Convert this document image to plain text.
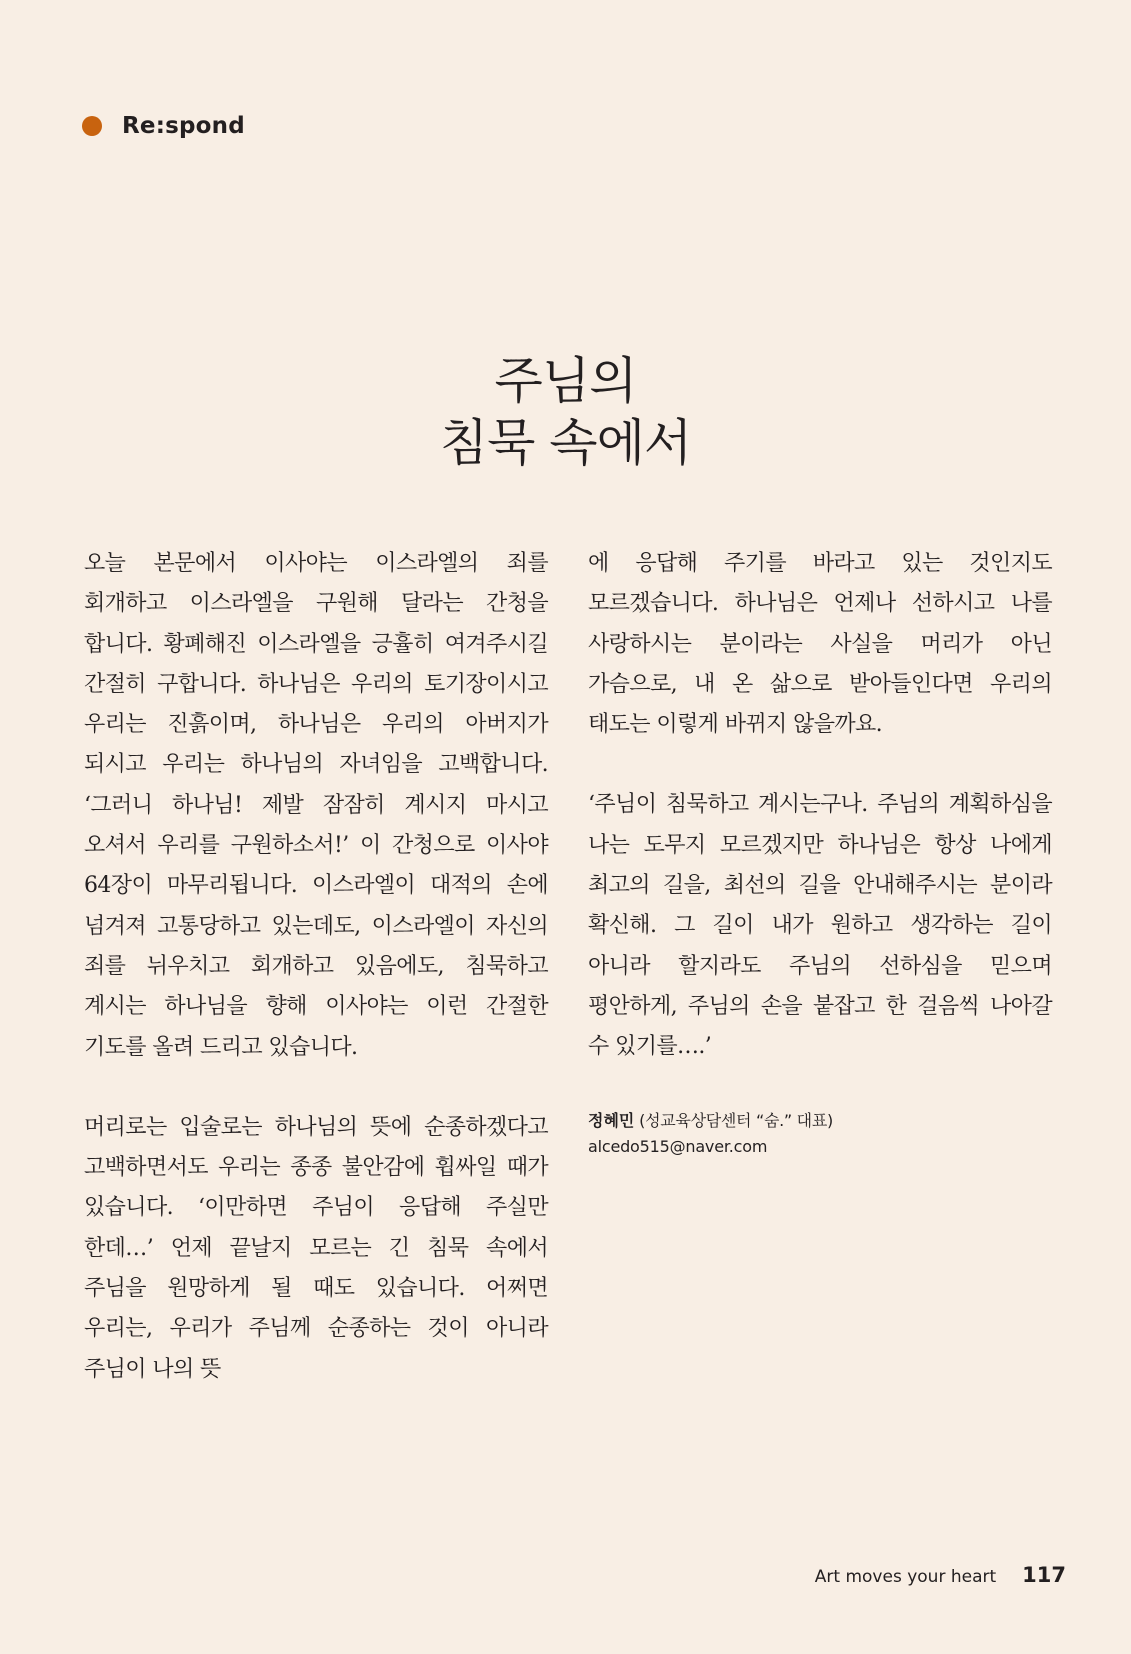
Re:spond
주님의
침묵 속에서

오늘 본문에서 이사야는 이스라엘의 죄를 회개하고 이스라엘을 구원해 달라는 간청을 합니다. 황폐해진 이스라엘을 긍휼히 여겨주시길 간절히 구합니다. 하나님은 우리의 토기장이시고 우리는 진흙이며, 하나님은 우리의 아버지가 되시고 우리는 하나님의 자녀임을 고백합니다. ‘그러니 하나님! 제발 잠잠히 계시지 마시고 오셔서 우리를 구원하소서!’ 이 간청으로 이사야 64장이 마무리됩니다. 이스라엘이 대적의 손에 넘겨져 고통당하고 있는데도, 이스라엘이 자신의 죄를 뉘우치고 회개하고 있음에도, 침묵하고 계시는 하나님을 향해 이사야는 이런 간절한 기도를 올려 드리고 있습니다.

머리로는 입술로는 하나님의 뜻에 순종하겠다고 고백하면서도 우리는 종종 불안감에 휩싸일 때가 있습니다. ‘이만하면 주님이 응답해 주실만 한데…’ 언제 끝날지 모르는 긴 침묵 속에서 주님을 원망하게 될 때도 있습니다. 어쩌면 우리는, 우리가 주님께 순종하는 것이 아니라 주님이 나의 뜻

에 응답해 주기를 바라고 있는 것인지도 모르겠습니다. 하나님은 언제나 선하시고 나를 사랑하시는 분이라는 사실을 머리가 아닌 가슴으로, 내 온 삶으로 받아들인다면 우리의 태도는 이렇게 바뀌지 않을까요.

‘주님이 침묵하고 계시는구나. 주님의 계획하심을 나는 도무지 모르겠지만 하나님은 항상 나에게 최고의 길을, 최선의 길을 안내해주시는 분이라 확신해. 그 길이 내가 원하고 생각하는 길이 아니라 할지라도 주님의 선하심을 믿으며 평안하게, 주님의 손을 붙잡고 한 걸음씩 나아갈 수 있기를….’

정혜민 (성교육상담센터 “숨.” 대표)
alcedo515@naver.com
Art moves your heart 117
